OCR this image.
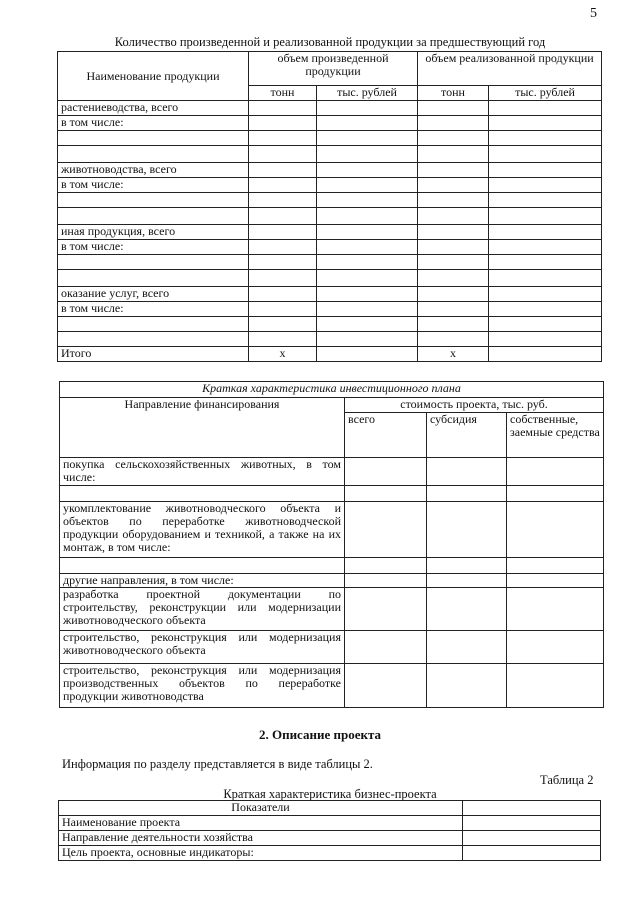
5
Количество произведенной и реализованной продукции за предшествующий год
Наименование продукции	объем произведенной продукции		объем реализованной продукции	
	тонн	тыс. рублей	тонн	тыс. рублей
растениеводства, всего				
в том числе:				

животноводства, всего				
в том числе:				

иная продукция, всего				
в том числе:				

оказание услуг, всего				
в том числе:				

Итого	х		х	
Краткая характеристика инвестиционного плана			
Направление финансирования	стоимость проекта, тыс. руб.		
	всего	субсидия	собственные, заемные средства
покупка сельскохозяйственных животных, в том числе:			

укомплектование животноводческого объекта и объектов по переработке животноводческой продукции оборудованием и техникой, а также на их монтаж, в том числе:			

другие направления, в том числе:			
разработка проектной документации по строительству, реконструкции или модернизации животноводческого объекта			
строительство, реконструкция или модернизация животноводческого объекта			
строительство, реконструкция или модернизация производственных объектов по переработке продукции животноводства			
2. Описание проекта
Информация по разделу представляется в виде таблицы 2.
Таблица 2
Краткая характеристика бизнес-проекта
Показатели	
Наименование проекта	
Направление деятельности хозяйства	
Цель проекта, основные индикаторы:	
